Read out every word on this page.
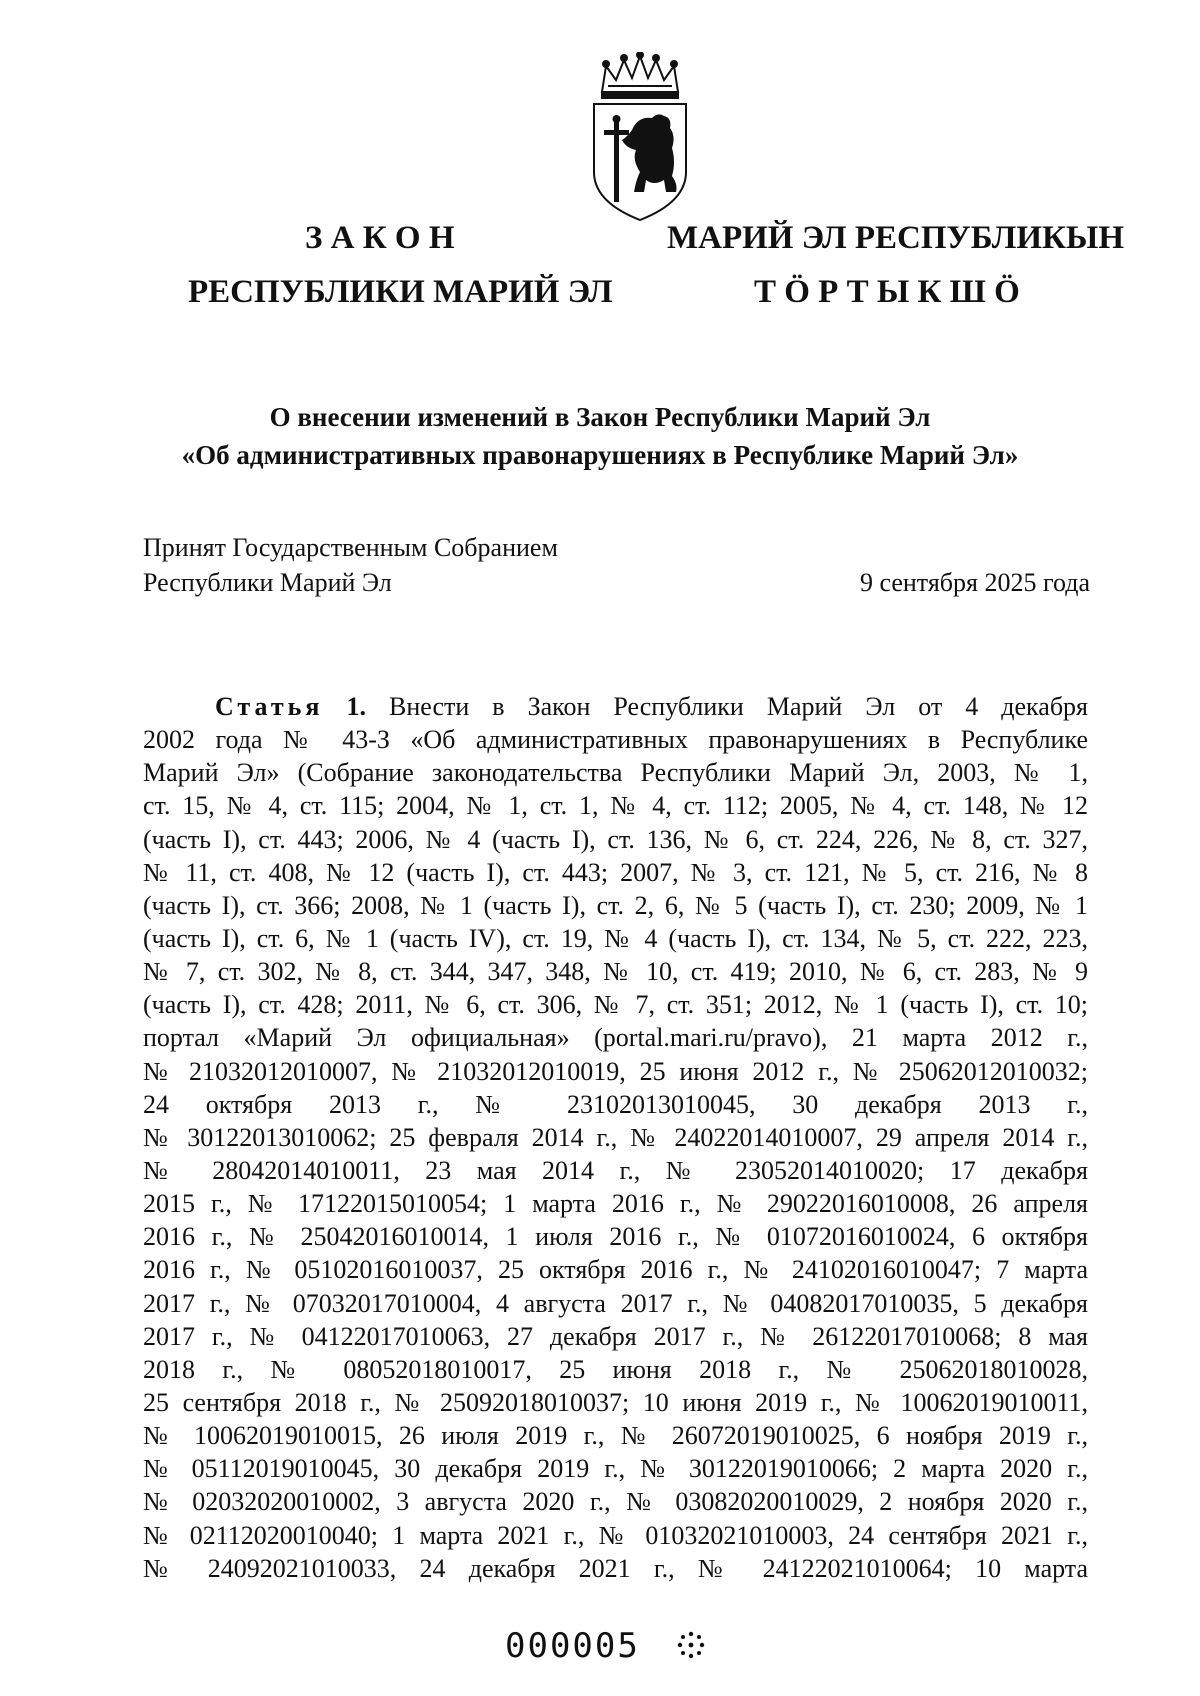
З А К О Н
РЕСПУБЛИКИ МАРИЙ ЭЛ
МАРИЙ ЭЛ РЕСПУБЛИКЫН
Т Ö Р Т Ы К Ш Ö
О внесении изменений в Закон Республики Марий Эл
«Об административных правонарушениях в Республике Марий Эл»
Принят Государственным Собранием
Республики Марий Эл	9 сентября 2025 года
Статья 1. Внести в Закон Республики Марий Эл от 4 декабря
2002 года № 43-З «Об административных правонарушениях в Республике
Марий Эл» (Собрание законодательства Республики Марий Эл, 2003, № 1,
ст. 15, № 4, ст. 115; 2004, № 1, ст. 1, № 4, ст. 112; 2005, № 4, ст. 148, № 12
(часть I), ст. 443; 2006, № 4 (часть I), ст. 136, № 6, ст. 224, 226, № 8, ст. 327,
№ 11, ст. 408, № 12 (часть I), ст. 443; 2007, № 3, ст. 121, № 5, ст. 216, № 8
(часть I), ст. 366; 2008, № 1 (часть I), ст. 2, 6, № 5 (часть I), ст. 230; 2009, № 1
(часть I), ст. 6, № 1 (часть IV), ст. 19, № 4 (часть I), ст. 134, № 5, ст. 222, 223,
№ 7, ст. 302, № 8, ст. 344, 347, 348, № 10, ст. 419; 2010, № 6, ст. 283, № 9
(часть I), ст. 428; 2011, № 6, ст. 306, № 7, ст. 351; 2012, № 1 (часть I), ст. 10;
портал «Марий Эл официальная» (portal.mari.ru/pravo), 21 марта 2012 г.,
№ 21032012010007, № 21032012010019, 25 июня 2012 г., № 25062012010032;
24 октября 2013 г., № 23102013010045, 30 декабря 2013 г.,
№ 30122013010062; 25 февраля 2014 г., № 24022014010007, 29 апреля 2014 г.,
№ 28042014010011, 23 мая 2014 г., № 23052014010020; 17 декабря
2015 г., № 17122015010054; 1 марта 2016 г., № 29022016010008, 26 апреля
2016 г., № 25042016010014, 1 июля 2016 г., № 01072016010024, 6 октября
2016 г., № 05102016010037, 25 октября 2016 г., № 24102016010047; 7 марта
2017 г., № 07032017010004, 4 августа 2017 г., № 04082017010035, 5 декабря
2017 г., № 04122017010063, 27 декабря 2017 г., № 26122017010068; 8 мая
2018 г., № 08052018010017, 25 июня 2018 г., № 25062018010028,
25 сентября 2018 г., № 25092018010037; 10 июня 2019 г., № 10062019010011,
№ 10062019010015, 26 июля 2019 г., № 26072019010025, 6 ноября 2019 г.,
№ 05112019010045, 30 декабря 2019 г., № 30122019010066; 2 марта 2020 г.,
№ 02032020010002, 3 августа 2020 г., № 03082020010029, 2 ноября 2020 г.,
№ 02112020010040; 1 марта 2021 г., № 01032021010003, 24 сентября 2021 г.,
№ 24092021010033, 24 декабря 2021 г., № 24122021010064; 10 марта
000005
